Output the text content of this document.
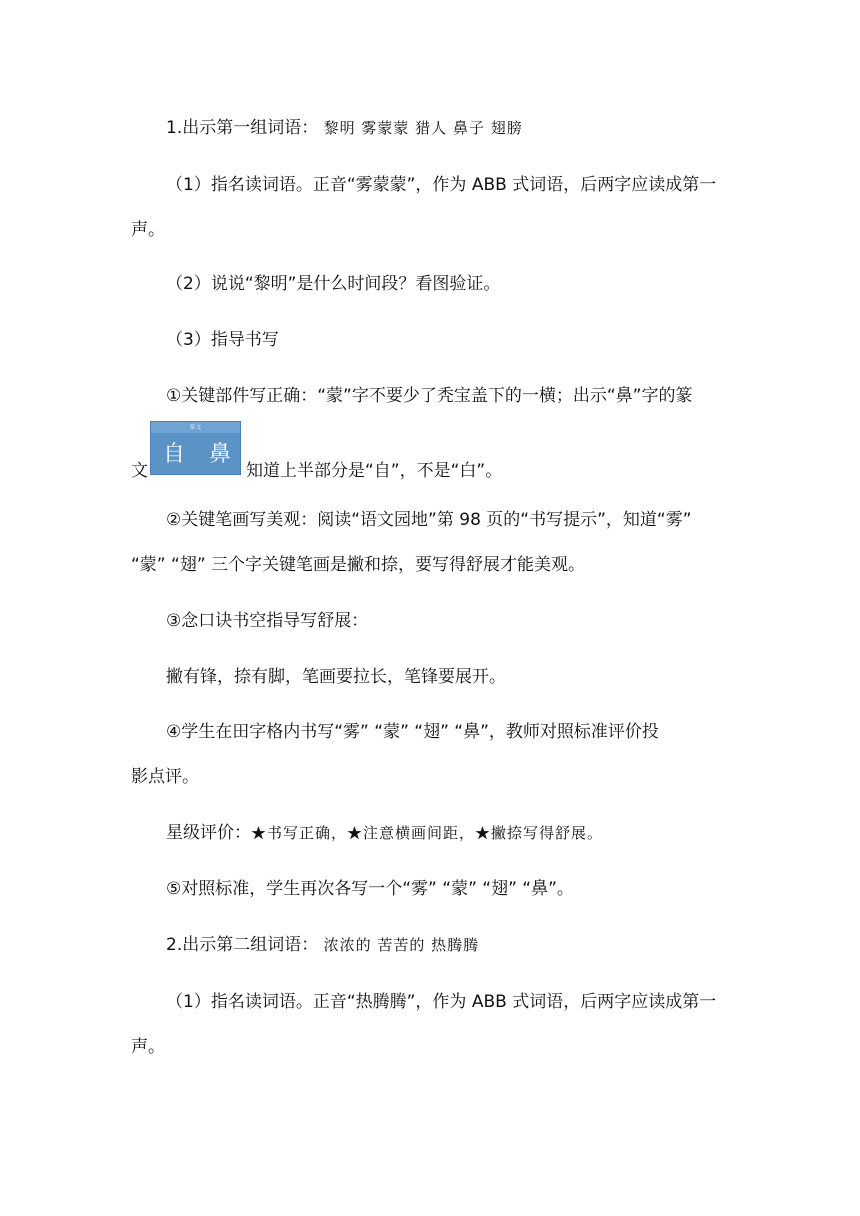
1.出示第一组词语： 黎明 雾蒙蒙 猎人 鼻子 翅膀
（1）指名读词语。正音“雾蒙蒙”，作为 ABB 式词语，后两字应读成第一
声。
（2）说说“黎明”是什么时间段？看图验证。
（3）指导书写
①关键部件写正确：“蒙”字不要少了秃宝盖下的一横；出示“鼻”字的篆
文
篆文
自 鼻
知道上半部分是“自”，不是“白”。
②关键笔画写美观：阅读“语文园地”第 98 页的“书写提示”，知道“雾”
“蒙” “翅” 三个字关键笔画是撇和捺，要写得舒展才能美观。
③念口诀书空指导写舒展：
撇有锋，捺有脚，笔画要拉长，笔锋要展开。
④学生在田字格内书写“雾” “蒙” “翅” “鼻”，教师对照标准评价投
影点评。
星级评价：★书写正确，★注意横画间距，★撇捺写得舒展。
⑤对照标准，学生再次各写一个“雾” “蒙” “翅” “鼻”。
2.出示第二组词语： 浓浓的 苦苦的 热腾腾
（1）指名读词语。正音“热腾腾”，作为 ABB 式词语，后两字应读成第一
声。
